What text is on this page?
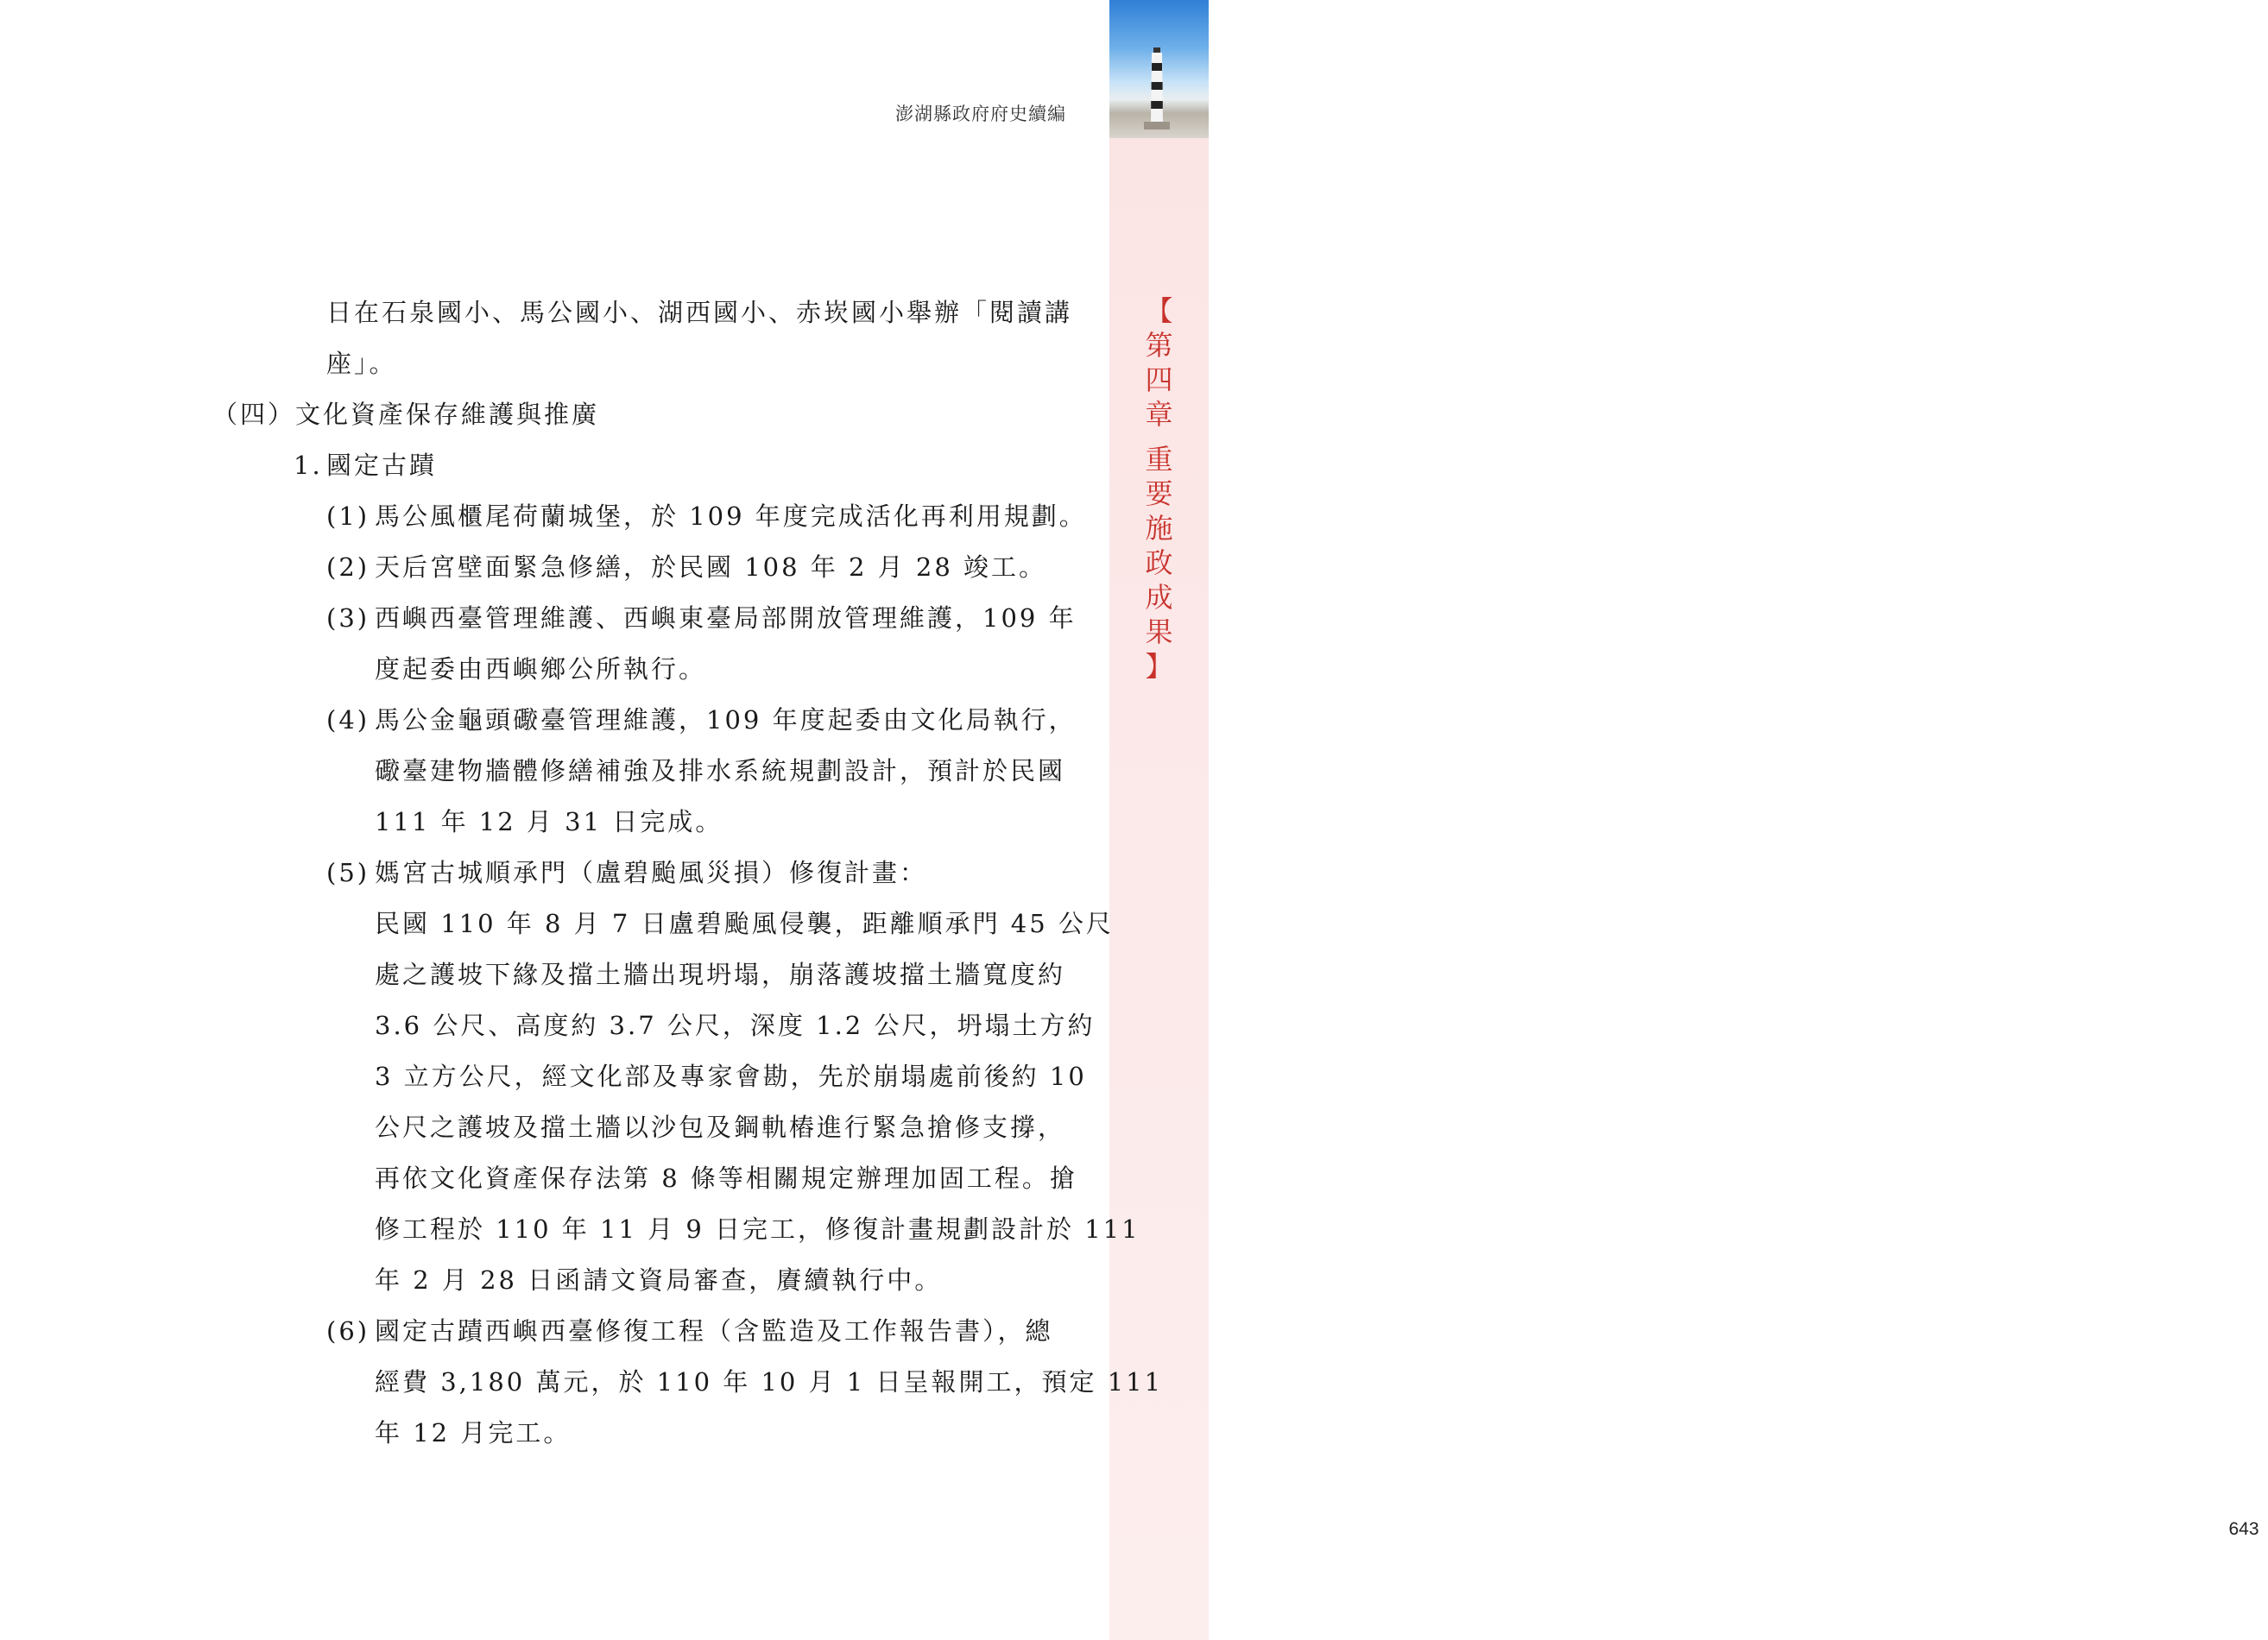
【
第
四
章
重
要
施
政
成
果
】
643
澎湖縣政府府史續編
日在石泉國小、馬公國小、湖西國小、赤崁國小舉辦「閱讀講
座」。
（四）文化資產保存維護與推廣
1. 國定古蹟
(1) 馬公風櫃尾荷蘭城堡，於 109 年度完成活化再利用規劃。
(2) 天后宮壁面緊急修繕，於民國 108 年 2 月 28 竣工。
(3) 西嶼西臺管理維護、西嶼東臺局部開放管理維護，109 年
度起委由西嶼鄉公所執行。
(4) 馬公金龜頭礮臺管理維護，109 年度起委由文化局執行，
礮臺建物牆體修繕補強及排水系統規劃設計，預計於民國
111 年 12 月 31 日完成。
(5) 媽宮古城順承門（盧碧颱風災損）修復計畫：
民國 110 年 8 月 7 日盧碧颱風侵襲，距離順承門 45 公尺
處之護坡下緣及擋土牆出現坍塌，崩落護坡擋土牆寬度約
3.6 公尺、高度約 3.7 公尺，深度 1.2 公尺，坍塌土方約
3 立方公尺，經文化部及專家會勘，先於崩塌處前後約 10
公尺之護坡及擋土牆以沙包及鋼軌樁進行緊急搶修支撐，
再依文化資產保存法第 8 條等相關規定辦理加固工程。搶
修工程於 110 年 11 月 9 日完工，修復計畫規劃設計於 111
年 2 月 28 日函請文資局審查，賡續執行中。
(6) 國定古蹟西嶼西臺修復工程（含監造及工作報告書），總
經費 3,180 萬元，於 110 年 10 月 1 日呈報開工，預定 111
年 12 月完工。
